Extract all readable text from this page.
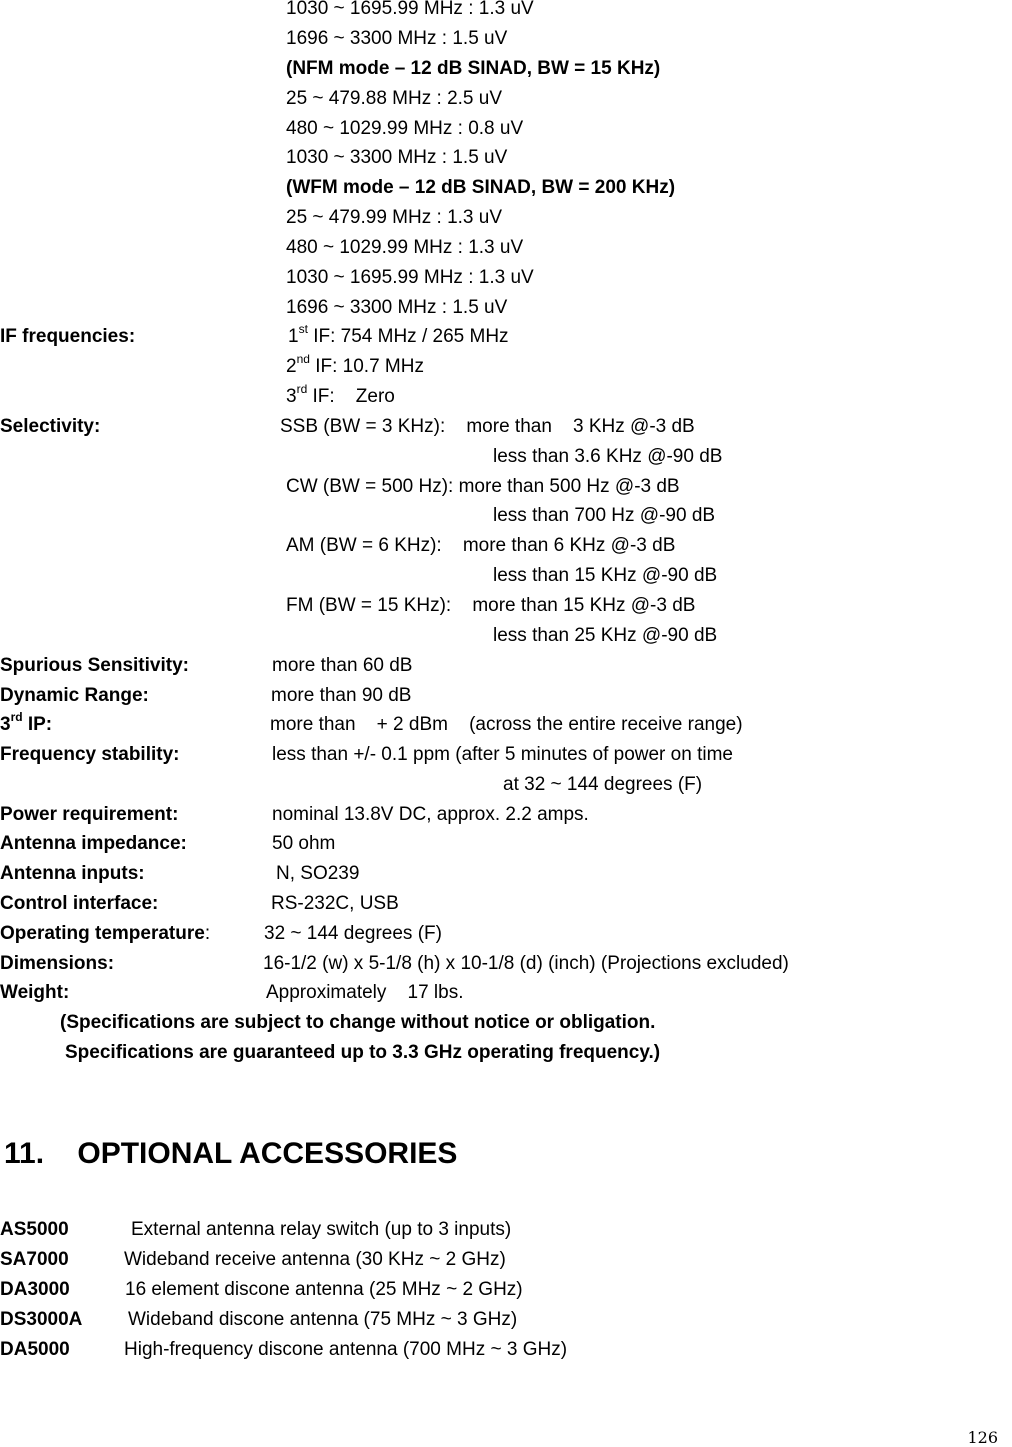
1030 ~ 1695.99 MHz : 1.3 uV
1696 ~ 3300 MHz : 1.5 uV
(NFM mode – 12 dB SINAD, BW = 15 KHz)
25 ~ 479.88 MHz : 2.5 uV
480 ~ 1029.99 MHz : 0.8 uV
1030 ~ 3300 MHz : 1.5 uV
(WFM mode – 12 dB SINAD, BW = 200 KHz)
25 ~ 479.99 MHz : 1.3 uV
480 ~ 1029.99 MHz : 1.3 uV
1030 ~ 1695.99 MHz : 1.3 uV
1696 ~ 3300 MHz : 1.5 uV
IF frequencies:	1st IF: 754 MHz / 265 MHz
2nd IF: 10.7 MHz
3rd IF:    Zero
Selectivity:	SSB (BW = 3 KHz):    more than    3 KHz @-3 dB
less than 3.6 KHz @-90 dB
CW (BW = 500 Hz): more than 500 Hz @-3 dB
less than 700 Hz @-90 dB
AM (BW = 6 KHz):    more than 6 KHz @-3 dB
less than 15 KHz @-90 dB
FM (BW = 15 KHz):    more than 15 KHz @-3 dB
less than 25 KHz @-90 dB
Spurious Sensitivity:	more than 60 dB
Dynamic Range:	more than 90 dB
3rd IP:	more than    + 2 dBm    (across the entire receive range)
Frequency stability:	less than +/- 0.1 ppm (after 5 minutes of power on time
at 32 ~ 144 degrees (F)
Power requirement:	nominal 13.8V DC, approx. 2.2 amps.
Antenna impedance:	50 ohm
Antenna inputs:	N, SO239
Control interface:	RS-232C, USB
Operating temperature:	32 ~ 144 degrees (F)
Dimensions:	16-1/2 (w) x 5-1/8 (h) x 10-1/8 (d) (inch) (Projections excluded)
Weight:	Approximately    17 lbs.
(Specifications are subject to change without notice or obligation.
Specifications are guaranteed up to 3.3 GHz operating frequency.)
11.    OPTIONAL ACCESSORIES
AS5000	External antenna relay switch (up to 3 inputs)
SA7000	Wideband receive antenna (30 KHz ~ 2 GHz)
DA3000	16 element discone antenna (25 MHz ~ 2 GHz)
DS3000A Wideband discone antenna (75 MHz ~ 3 GHz)
DA5000	High-frequency discone antenna (700 MHz ~ 3 GHz)
126
